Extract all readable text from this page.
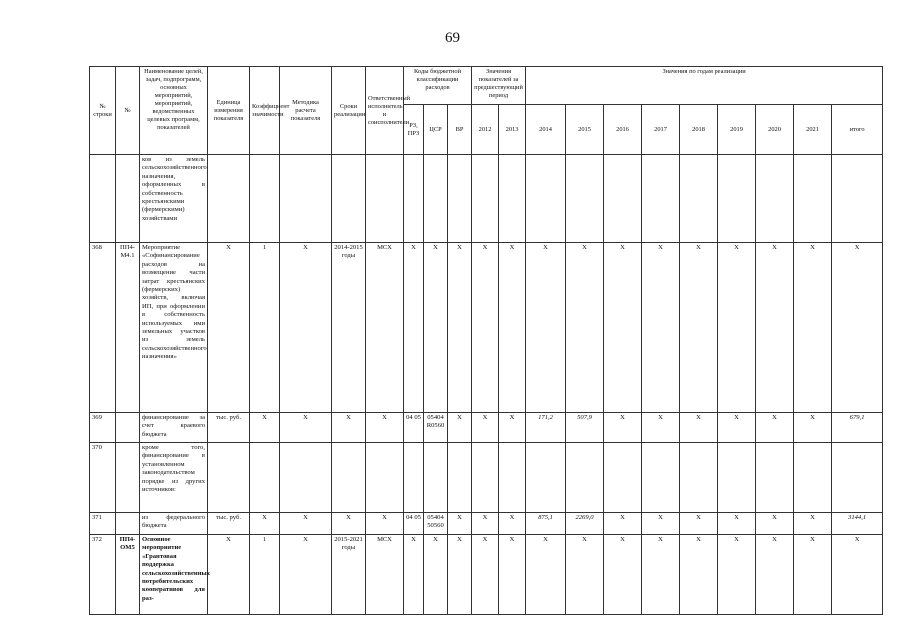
69
№ строки	№	Наименование целей, задач, подпрограмм, основных мероприятий, мероприятий, ведомственных целевых программ, показателей	Единица измерения показателя	Коэффициент значимости	Методика расчета показателя	Сроки реализации	Ответственный исполнитель и соисполнители	Коды бюджетной классификации расходов			Значения показателей за предшествующий период		Значения по годам реализации								
								РЗ, ПРЗ	ЦСР	ВР	2012	2013	2014	2015	2016	2017	2018	2019	2020	2021	итого
		ков из земель сельскохозяйственного назначения, оформленных в собственность крестьянскими (фермерскими) хозяйствами																			
368	ПП4-М4.1	Мероприятие «Софинансирование расходов на возмещение части затрат крестьянских (фермерских) хозяйств, включая ИП, при оформлении в собственность используемых ими земельных участков из земель сельскохозяйственного назначения»	Х	1	Х	2014-2015 годы	МСХ	Х	Х	Х	Х	Х	Х	Х	Х	Х	Х	Х	Х	Х	Х
369		финансирование за счет краевого бюджета	тыс. руб.	Х	Х	Х	Х	04 05	05404 R0560	Х	Х	Х	171,2	507,9	Х	Х	Х	Х	Х	Х	679,1
370		кроме того, финансирование в установленном законодательством порядке из других источников:																			
371		из федерального бюджета	тыс. руб.	Х	Х	Х	Х	04 05	05404 50560	Х	Х	Х	875,1	2269,0	Х	Х	Х	Х	Х	Х	3144,1
372	ПП4-ОМ5	Основное мероприятие «Грантовая поддержка сельскохозяйственных потребительских кооперативов для раз-	Х	1	Х	2015-2021 годы	МСХ	Х	Х	Х	Х	Х	Х	Х	Х	Х	Х	Х	Х	Х	Х
